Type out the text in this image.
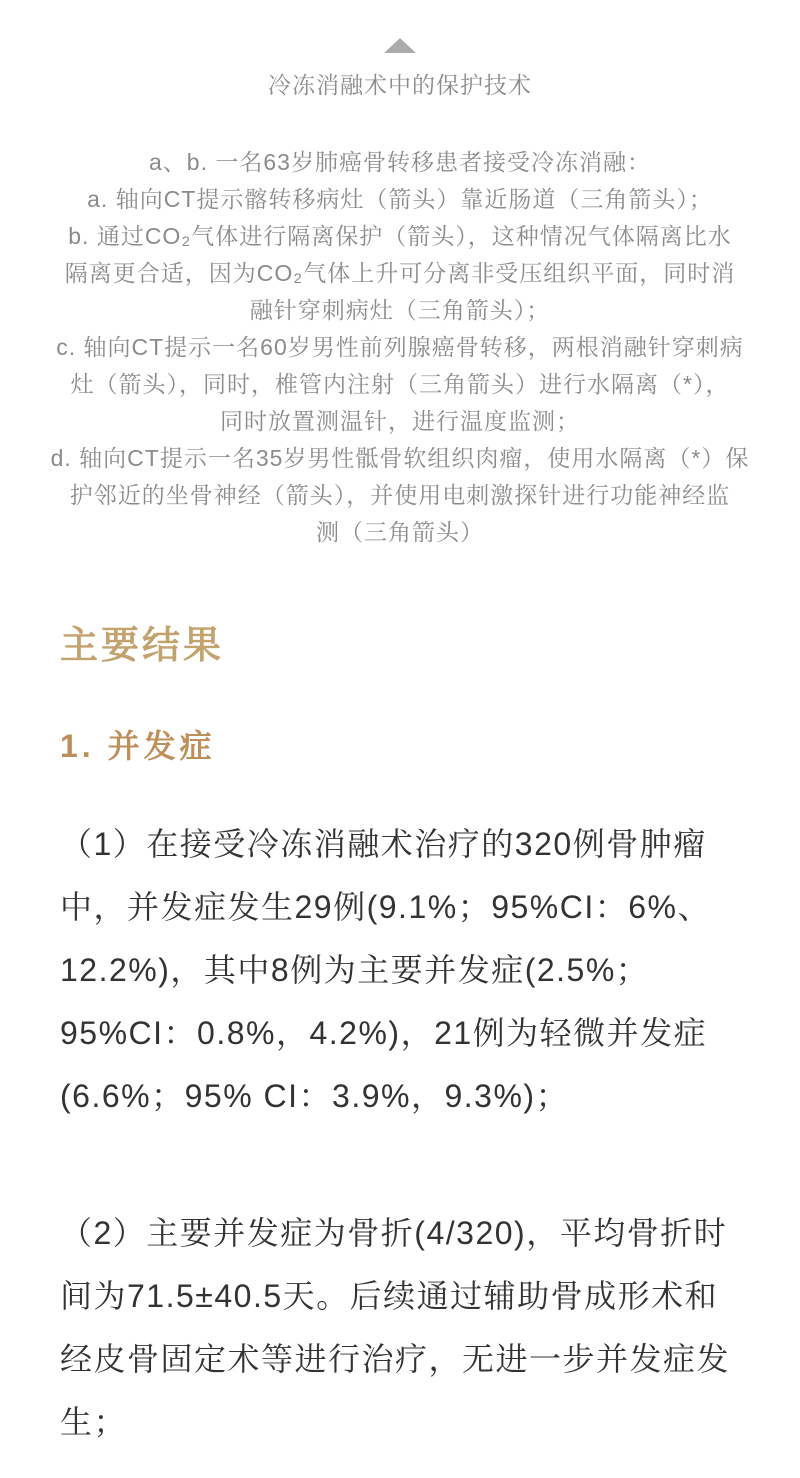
冷冻消融术中的保护技术
a、b. 一名63岁肺癌骨转移患者接受冷冻消融：
a. 轴向CT提示髂转移病灶（箭头）靠近肠道（三角箭头）；
b. 通过CO₂气体进行隔离保护（箭头），这种情况气体隔离比水
隔离更合适，因为CO₂气体上升可分离非受压组织平面，同时消
融针穿刺病灶（三角箭头）；
c. 轴向CT提示一名60岁男性前列腺癌骨转移，两根消融针穿刺病
灶（箭头），同时，椎管内注射（三角箭头）进行水隔离（*），
同时放置测温针，进行温度监测；
d. 轴向CT提示一名35岁男性骶骨软组织肉瘤，使用水隔离（*）保
护邻近的坐骨神经（箭头），并使用电刺激探针进行功能神经监
测（三角箭头）
主要结果
1. 并发症
（1）在接受冷冻消融术治疗的320例骨肿瘤
中，并发症发生29例(9.1%；95%CI：6%、
12.2%)，其中8例为主要并发症(2.5%；
95%CI：0.8%，4.2%)，21例为轻微并发症
(6.6%；95% CI：3.9%，9.3%)；
（2）主要并发症为骨折(4/320)，平均骨折时
间为71.5±40.5天。后续通过辅助骨成形术和
经皮骨固定术等进行治疗，无进一步并发症发
生；
